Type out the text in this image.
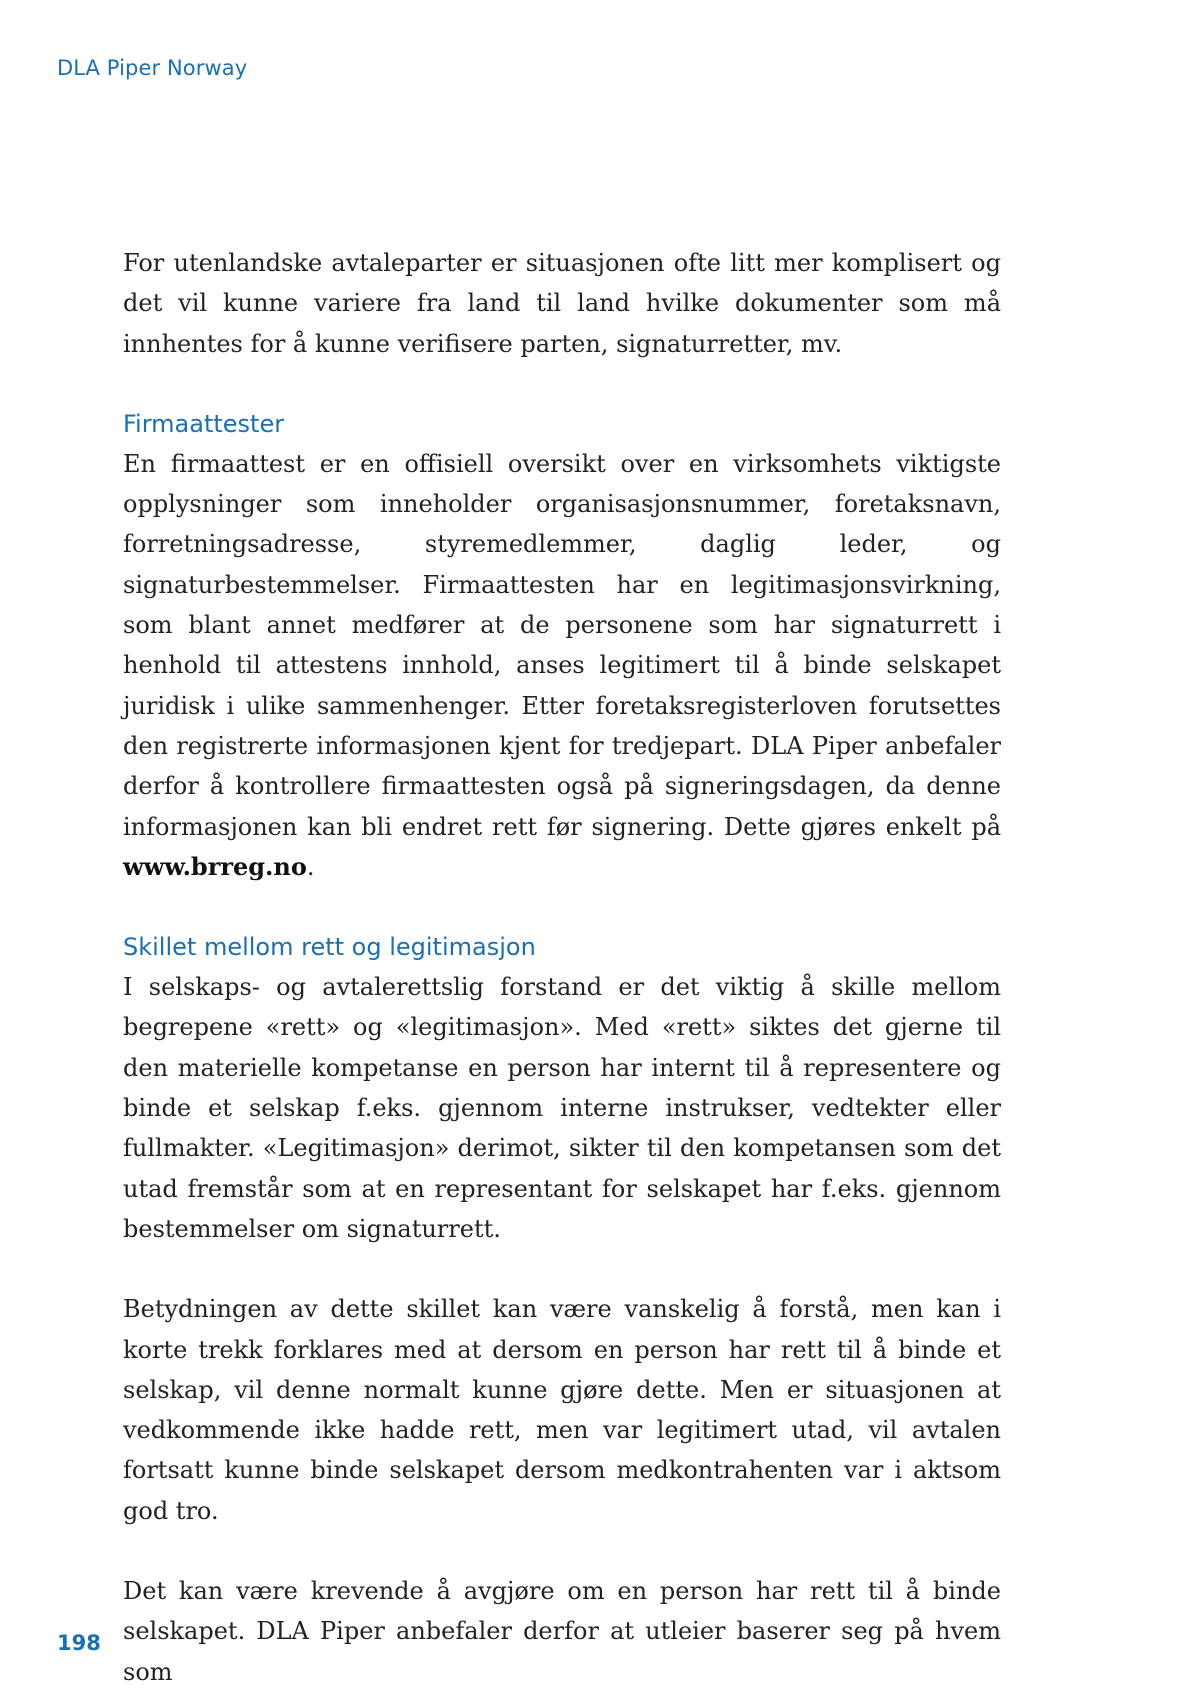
DLA Piper Norway

For utenlandske avtaleparter er situasjonen ofte litt mer komplisert og det vil kunne variere fra land til land hvilke dokumenter som må innhentes for å kunne verifisere parten, signaturretter, mv.

Firmaattester

En firmaattest er en offisiell oversikt over en virksomhets viktigste opplysninger som inneholder organisasjonsnummer, foretaksnavn, forretningsadresse, styremedlemmer, daglig leder, og signaturbestemmelser. Firmaattesten har en legitimasjonsvirkning, som blant annet medfører at de personene som har signaturrett i henhold til attestens innhold, anses legitimert til å binde selskapet juridisk i ulike sammenhenger. Etter foretaksregisterloven forutsettes den registrerte informasjonen kjent for tredjepart. DLA Piper anbefaler derfor å kontrollere firmaattesten også på signeringsdagen, da denne informasjonen kan bli endret rett før signering. Dette gjøres enkelt på www.brreg.no.

Skillet mellom rett og legitimasjon

I selskaps- og avtalerettslig forstand er det viktig å skille mellom begrepene «rett» og «legitimasjon». Med «rett» siktes det gjerne til den materielle kompetanse en person har internt til å representere og binde et selskap f.eks. gjennom interne instrukser, vedtekter eller fullmakter. «Legitimasjon» derimot, sikter til den kompetansen som det utad fremstår som at en representant for selskapet har f.eks. gjennom bestemmelser om signaturrett.

Betydningen av dette skillet kan være vanskelig å forstå, men kan i korte trekk forklares med at dersom en person har rett til å binde et selskap, vil denne normalt kunne gjøre dette. Men er situasjonen at vedkommende ikke hadde rett, men var legitimert utad, vil avtalen fortsatt kunne binde selskapet dersom medkontrahenten var i aktsom god tro.

Det kan være krevende å avgjøre om en person har rett til å binde selskapet. DLA Piper anbefaler derfor at utleier baserer seg på hvem som

198
